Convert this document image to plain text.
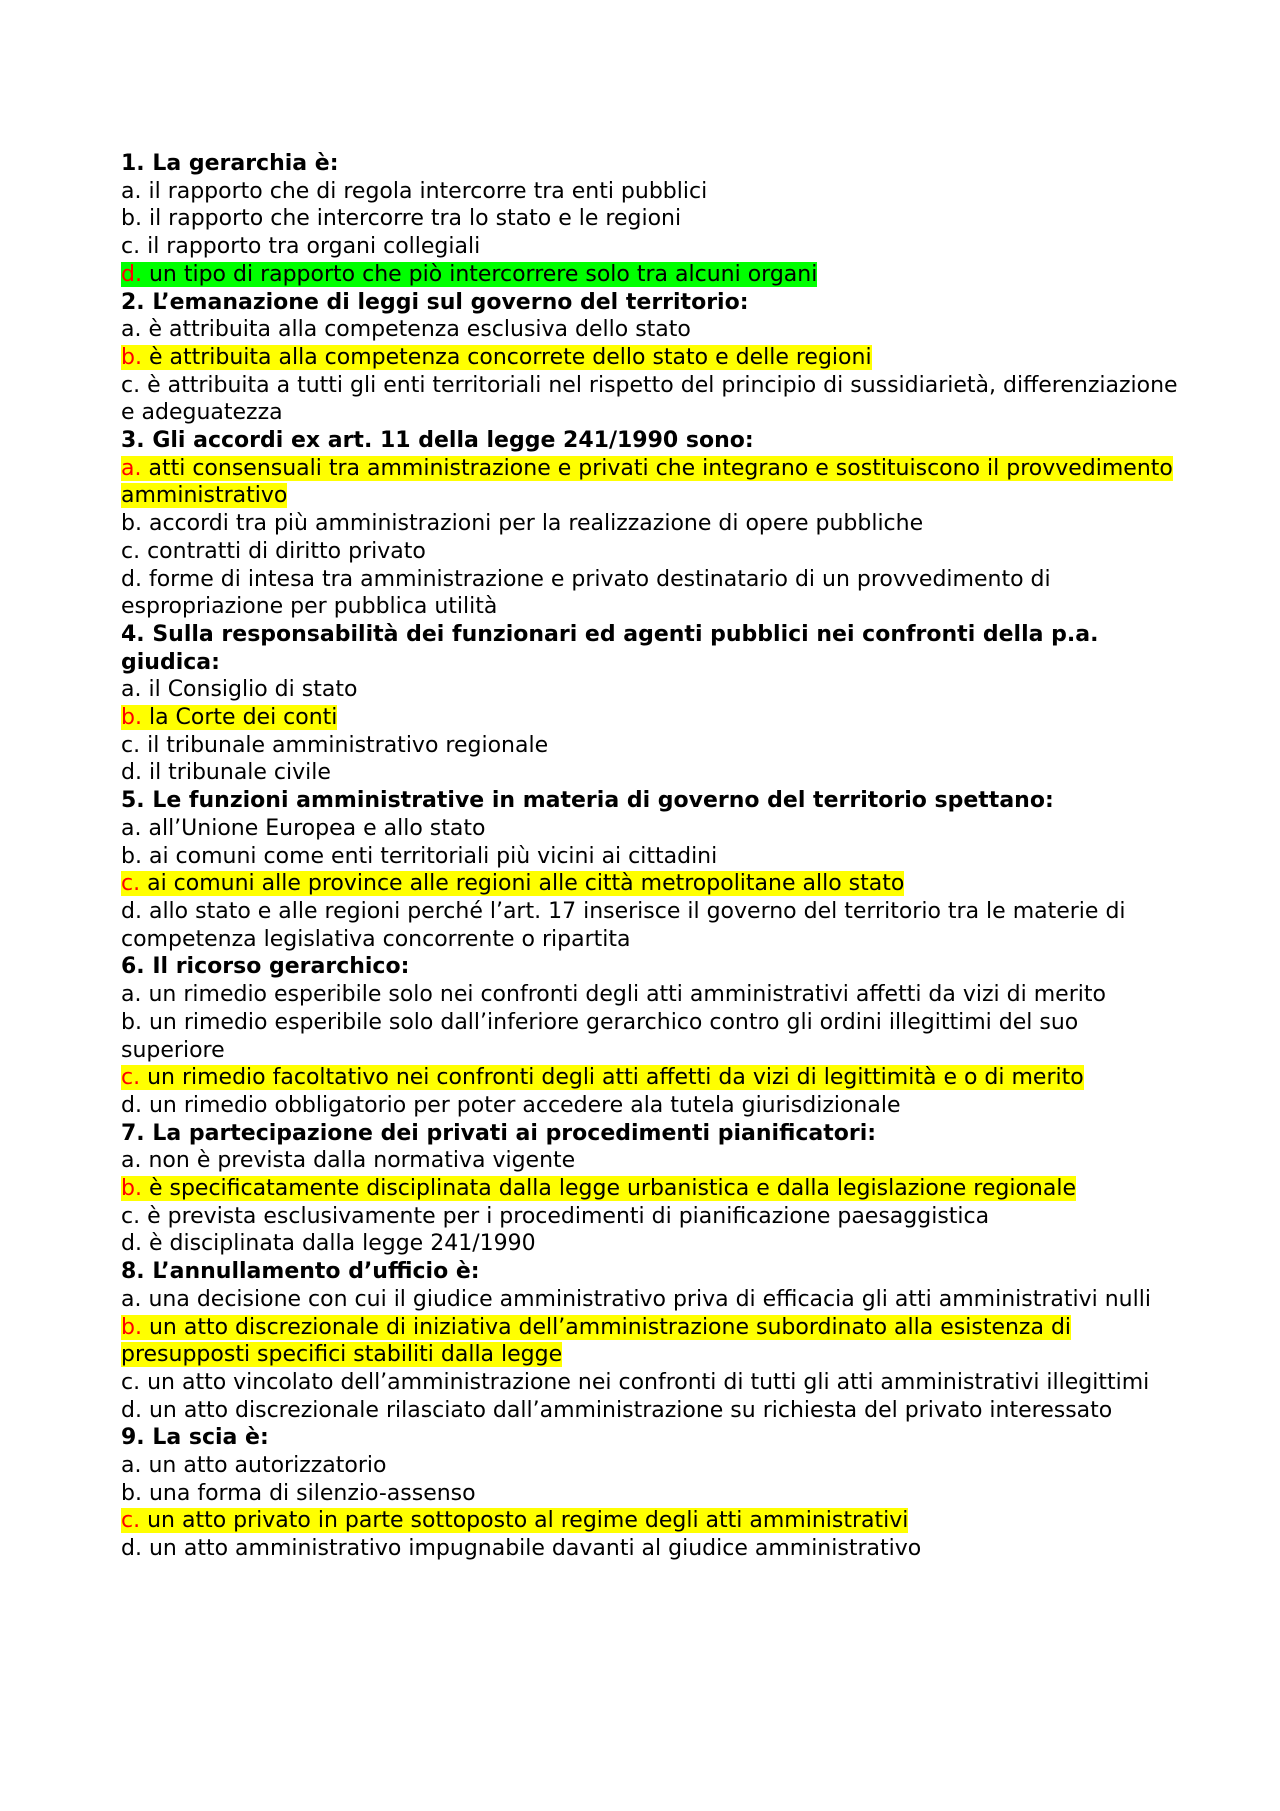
1. La gerarchia è:
a. il rapporto che di regola intercorre tra enti pubblici
b. il rapporto che intercorre tra lo stato e le regioni
c. il rapporto tra organi collegiali
d. un tipo di rapporto che piò intercorrere solo tra alcuni organi
2. L’emanazione di leggi sul governo del territorio:
a. è attribuita alla competenza esclusiva dello stato
b. è attribuita alla competenza concorrete dello stato e delle regioni
c. è attribuita a tutti gli enti territoriali nel rispetto del principio di sussidiarietà, differenziazione e adeguatezza
3. Gli accordi ex art. 11 della legge 241/1990 sono:
a. atti consensuali tra amministrazione e privati che integrano e sostituiscono il provvedimento amministrativo
b. accordi tra più amministrazioni per la realizzazione di opere pubbliche
c. contratti di diritto privato
d. forme di intesa tra amministrazione e privato destinatario di un provvedimento di espropriazione per pubblica utilità
4. Sulla responsabilità dei funzionari ed agenti pubblici nei confronti della p.a. giudica:
a. il Consiglio di stato
b. la Corte dei conti
c. il tribunale amministrativo regionale
d. il tribunale civile
5. Le funzioni amministrative in materia di governo del territorio spettano:
a. all’Unione Europea e allo stato
b. ai comuni come enti territoriali più vicini ai cittadini
c. ai comuni alle province alle regioni alle città metropolitane allo stato
d. allo stato e alle regioni perché l’art. 17 inserisce il governo del territorio tra le materie di competenza legislativa concorrente o ripartita
6. Il ricorso gerarchico:
a. un rimedio esperibile solo nei confronti degli atti amministrativi affetti da vizi di merito
b. un rimedio esperibile solo dall’inferiore gerarchico contro gli ordini illegittimi del suo superiore
c. un rimedio facoltativo nei confronti degli atti affetti da vizi di legittimità e o di merito
d. un rimedio obbligatorio per poter accedere ala tutela giurisdizionale
7. La partecipazione dei privati ai procedimenti pianificatori:
a. non è prevista dalla normativa vigente
b. è specificatamente disciplinata dalla legge urbanistica e dalla legislazione regionale
c. è prevista esclusivamente per i procedimenti di pianificazione paesaggistica
d. è disciplinata dalla legge 241/1990
8. L’annullamento d’ufficio è:
a. una decisione con cui il giudice amministrativo priva di efficacia gli atti amministrativi nulli
b. un atto discrezionale di iniziativa dell’amministrazione subordinato alla esistenza di presupposti specifici stabiliti dalla legge
c. un atto vincolato dell’amministrazione nei confronti di tutti gli atti amministrativi illegittimi
d. un atto discrezionale rilasciato dall’amministrazione su richiesta del privato interessato
9. La scia è:
a. un atto autorizzatorio
b. una forma di silenzio-assenso
c. un atto privato in parte sottoposto al regime degli atti amministrativi
d. un atto amministrativo impugnabile davanti al giudice amministrativo
